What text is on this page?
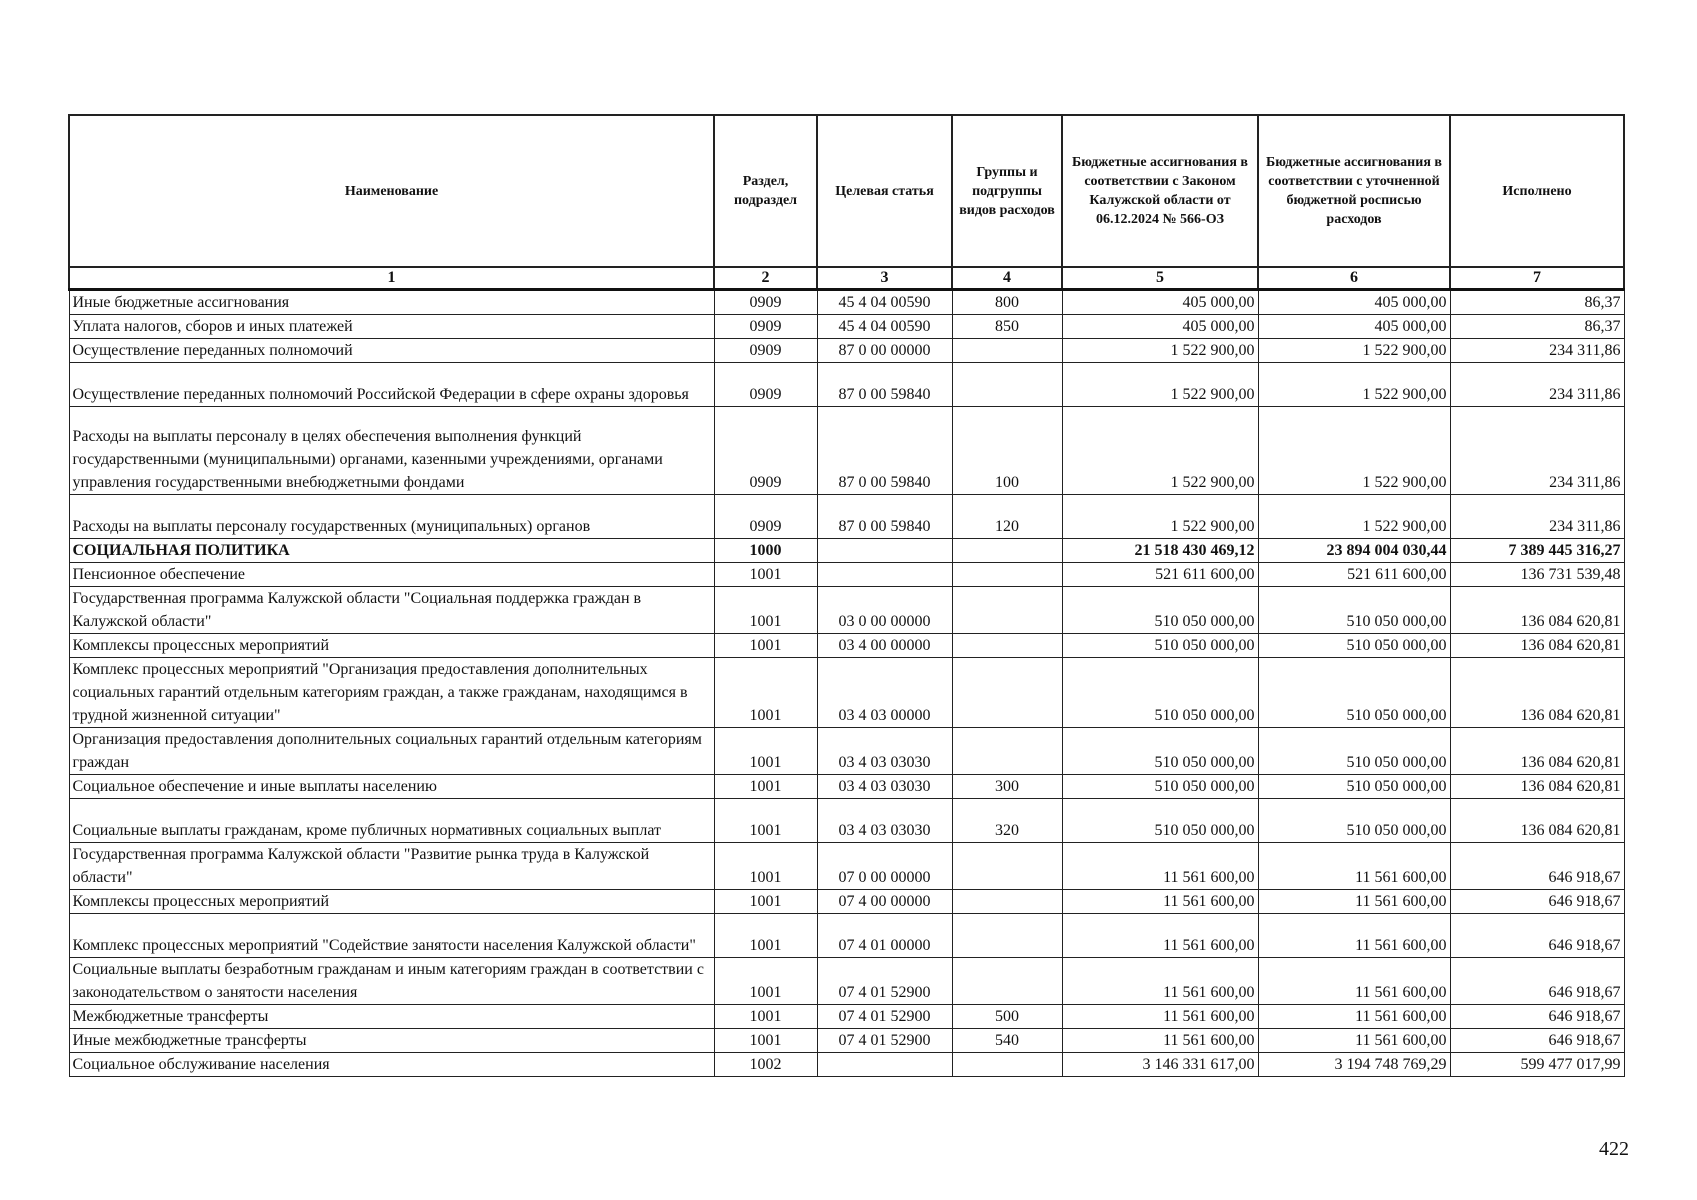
Наименование	Раздел, подраздел	Целевая статья	Группы и подгруппы видов расходов	Бюджетные ассигнования в соответствии с Законом Калужской области от 06.12.2024 № 566-ОЗ	Бюджетные ассигнования в соответствии с уточненной бюджетной росписью расходов	Исполнено
1	2	3	4	5	6	7
Иные бюджетные ассигнования	0909	45 4 04 00590	800	405 000,00	405 000,00	86,37
Уплата налогов, сборов и иных платежей	0909	45 4 04 00590	850	405 000,00	405 000,00	86,37
Осуществление переданных полномочий	0909	87 0 00 00000		1 522 900,00	1 522 900,00	234 311,86
Осуществление переданных полномочий Российской Федерации в сфере охраны здоровья	0909	87 0 00 59840		1 522 900,00	1 522 900,00	234 311,86
Расходы на выплаты персоналу в целях обеспечения выполнения функций государственными (муниципальными) органами, казенными учреждениями, органами управления государственными внебюджетными фондами	0909	87 0 00 59840	100	1 522 900,00	1 522 900,00	234 311,86
Расходы на выплаты персоналу государственных (муниципальных) органов	0909	87 0 00 59840	120	1 522 900,00	1 522 900,00	234 311,86
СОЦИАЛЬНАЯ ПОЛИТИКА	1000			21 518 430 469,12	23 894 004 030,44	7 389 445 316,27
Пенсионное обеспечение	1001			521 611 600,00	521 611 600,00	136 731 539,48
Государственная программа Калужской области "Социальная поддержка граждан в Калужской области"	1001	03 0 00 00000		510 050 000,00	510 050 000,00	136 084 620,81
Комплексы процессных мероприятий	1001	03 4 00 00000		510 050 000,00	510 050 000,00	136 084 620,81
Комплекс процессных мероприятий "Организация предоставления дополнительных социальных гарантий отдельным категориям граждан, а также гражданам, находящимся в трудной жизненной ситуации"	1001	03 4 03 00000		510 050 000,00	510 050 000,00	136 084 620,81
Организация предоставления дополнительных социальных гарантий отдельным категориям граждан	1001	03 4 03 03030		510 050 000,00	510 050 000,00	136 084 620,81
Социальное обеспечение и иные выплаты населению	1001	03 4 03 03030	300	510 050 000,00	510 050 000,00	136 084 620,81
Социальные выплаты гражданам, кроме публичных нормативных социальных выплат	1001	03 4 03 03030	320	510 050 000,00	510 050 000,00	136 084 620,81
Государственная программа Калужской области "Развитие рынка труда в Калужской области"	1001	07 0 00 00000		11 561 600,00	11 561 600,00	646 918,67
Комплексы процессных мероприятий	1001	07 4 00 00000		11 561 600,00	11 561 600,00	646 918,67
Комплекс процессных мероприятий "Содействие занятости населения Калужской области"	1001	07 4 01 00000		11 561 600,00	11 561 600,00	646 918,67
Социальные выплаты безработным гражданам и иным категориям граждан в соответствии с законодательством о занятости населения	1001	07 4 01 52900		11 561 600,00	11 561 600,00	646 918,67
Межбюджетные трансферты	1001	07 4 01 52900	500	11 561 600,00	11 561 600,00	646 918,67
Иные межбюджетные трансферты	1001	07 4 01 52900	540	11 561 600,00	11 561 600,00	646 918,67
Социальное обслуживание населения	1002			3 146 331 617,00	3 194 748 769,29	599 477 017,99
422
